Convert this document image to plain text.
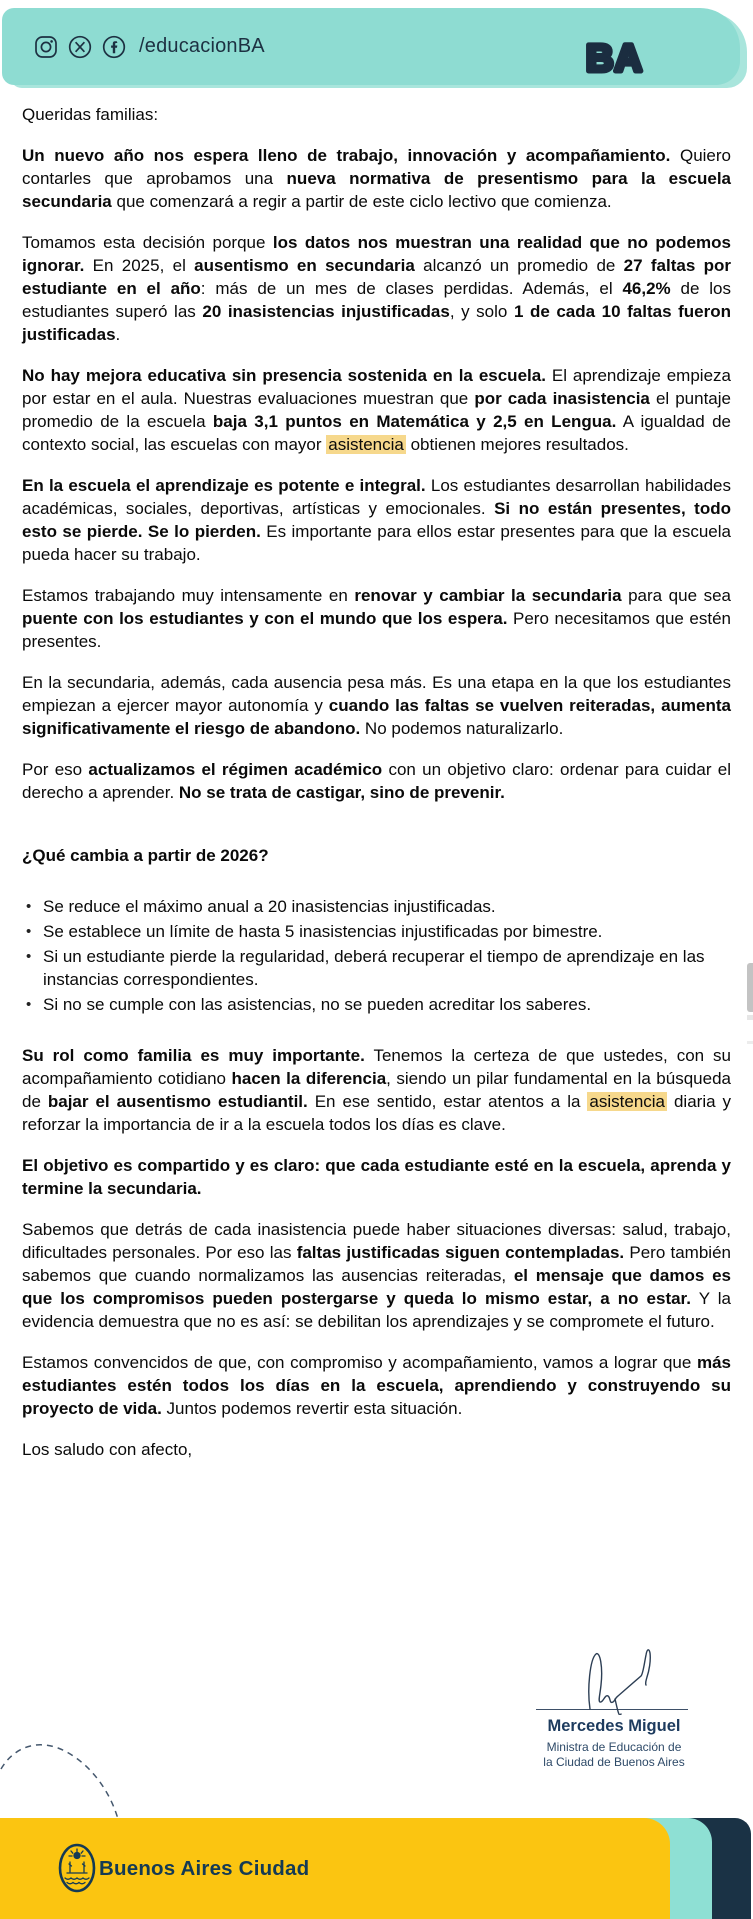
/educacionBA	BA

Queridas familias:

Un nuevo año nos espera lleno de trabajo, innovación y acompañamiento. Quiero contarles que aprobamos una nueva normativa de presentismo para la escuela secundaria que comenzará a regir a partir de este ciclo lectivo que comienza.

Tomamos esta decisión porque los datos nos muestran una realidad que no podemos ignorar. En 2025, el ausentismo en secundaria alcanzó un promedio de 27 faltas por estudiante en el año: más de un mes de clases perdidas. Además, el 46,2% de los estudiantes superó las 20 inasistencias injustificadas, y solo 1 de cada 10 faltas fueron justificadas.

No hay mejora educativa sin presencia sostenida en la escuela. El aprendizaje empieza por estar en el aula. Nuestras evaluaciones muestran que por cada inasistencia el puntaje promedio de la escuela baja 3,1 puntos en Matemática y 2,5 en Lengua. A igualdad de contexto social, las escuelas con mayor asistencia obtienen mejores resultados.

En la escuela el aprendizaje es potente e integral. Los estudiantes desarrollan habilidades académicas, sociales, deportivas, artísticas y emocionales. Si no están presentes, todo esto se pierde. Se lo pierden. Es importante para ellos estar presentes para que la escuela pueda hacer su trabajo.

Estamos trabajando muy intensamente en renovar y cambiar la secundaria para que sea puente con los estudiantes y con el mundo que los espera. Pero necesitamos que estén presentes.

En la secundaria, además, cada ausencia pesa más. Es una etapa en la que los estudiantes empiezan a ejercer mayor autonomía y cuando las faltas se vuelven reiteradas, aumenta significativamente el riesgo de abandono. No podemos naturalizarlo.

Por eso actualizamos el régimen académico con un objetivo claro: ordenar para cuidar el derecho a aprender. No se trata de castigar, sino de prevenir.

¿Qué cambia a partir de 2026?

• Se reduce el máximo anual a 20 inasistencias injustificadas.
• Se establece un límite de hasta 5 inasistencias injustificadas por bimestre.
• Si un estudiante pierde la regularidad, deberá recuperar el tiempo de aprendizaje en las instancias correspondientes.
• Si no se cumple con las asistencias, no se pueden acreditar los saberes.

Su rol como familia es muy importante. Tenemos la certeza de que ustedes, con su acompañamiento cotidiano hacen la diferencia, siendo un pilar fundamental en la búsqueda de bajar el ausentismo estudiantil. En ese sentido, estar atentos a la asistencia diaria y reforzar la importancia de ir a la escuela todos los días es clave.

El objetivo es compartido y es claro: que cada estudiante esté en la escuela, aprenda y termine la secundaria.

Sabemos que detrás de cada inasistencia puede haber situaciones diversas: salud, trabajo, dificultades personales. Por eso las faltas justificadas siguen contempladas. Pero también sabemos que cuando normalizamos las ausencias reiteradas, el mensaje que damos es que los compromisos pueden postergarse y queda lo mismo estar, a no estar. Y la evidencia demuestra que no es así: se debilitan los aprendizajes y se compromete el futuro.

Estamos convencidos de que, con compromiso y acompañamiento, vamos a lograr que más estudiantes estén todos los días en la escuela, aprendiendo y construyendo su proyecto de vida. Juntos podemos revertir esta situación.

Los saludo con afecto,

Mercedes Miguel
Ministra de Educación de
la Ciudad de Buenos Aires
Buenos Aires Ciudad
